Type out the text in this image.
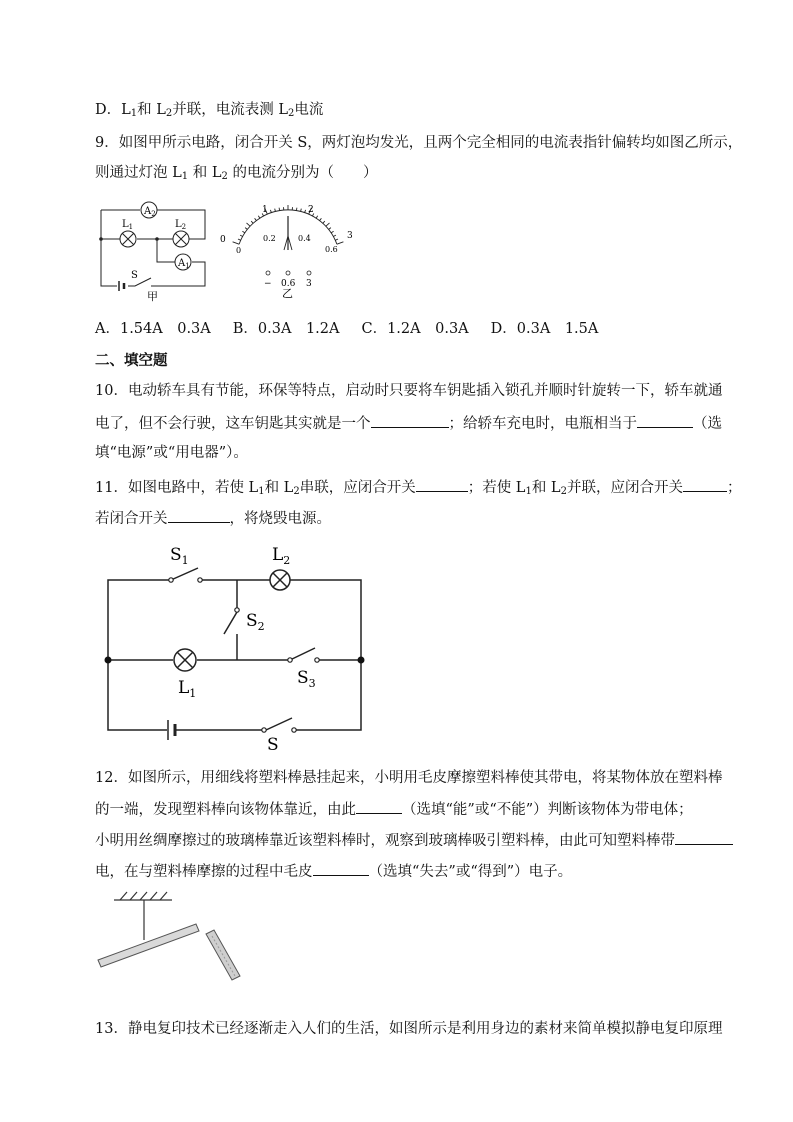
D．$L_1$和 $L_2$并联，电流表测 $L_2$电流
9．如图甲所示电路，闭合开关 S，两灯泡均发光，且两个完全相同的电流表指针偏转均如图乙所示，
则通过灯泡 $L_1$ 和 $L_2$ 的电流分别为（　　）
$A_2$
$A_1$
$L_1$	$L_2$
S
甲
0
1	2
3
0
0.2	0.4
0.6
− 0.6 3
乙
A．1.54A　0.3A B．0.3A　1.2A C．1.2A　0.3A D．0.3A　1.5A
二、填空题
10．电动轿车具有节能，环保等特点，启动时只要将车钥匙插入锁孔并顺时针旋转一下，轿车就通
电了，但不会行驶，这车钥匙其实就是一个	；给轿车充电时，电瓶相当于	（选
填“电源”或“用电器”）。
11．如图电路中，若使 $L_1$和 $L_2$串联，应闭合开关	；若使 $L_1$和 $L_2$并联，应闭合开关	；
若闭合开关	，将烧毁电源。
$S_1$	$L_2$
$S_2$
$L_1$
$S_3$
S
12．如图所示，用细线将塑料棒悬挂起来，小明用毛皮摩擦塑料棒使其带电，将某物体放在塑料棒
的一端，发现塑料棒向该物体靠近，由此	（选填“能”或“不能”）判断该物体为带电体；
小明用丝绸摩擦过的玻璃棒靠近该塑料棒时，观察到玻璃棒吸引塑料棒，由此可知塑料棒带
电，在与塑料棒摩擦的过程中毛皮	（选填“失去”或“得到”）电子。
13．静电复印技术已经逐渐走入人们的生活，如图所示是利用身边的素材来简单模拟静电复印原理
